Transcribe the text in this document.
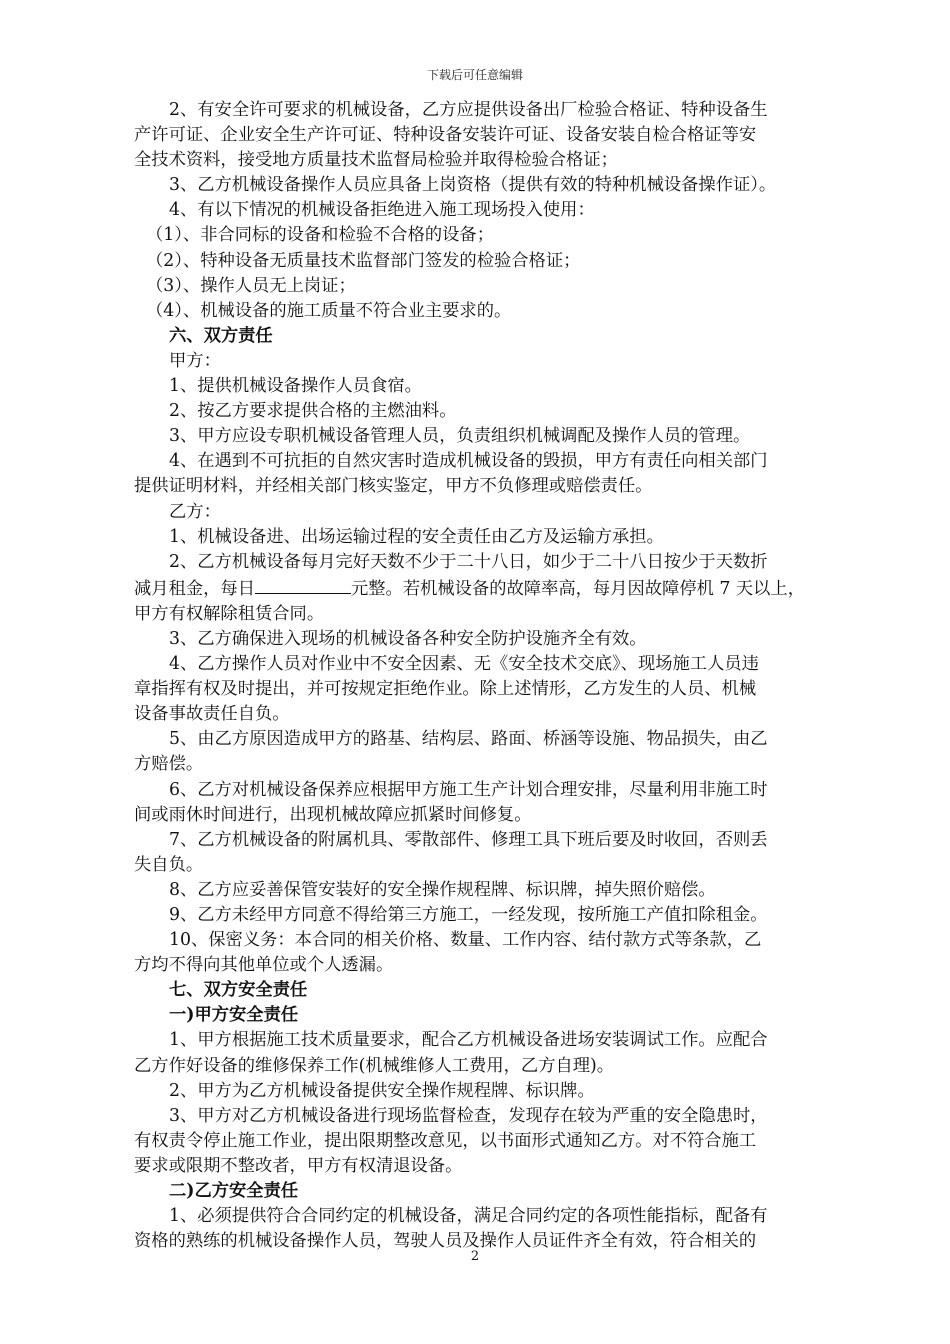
下载后可任意编辑

2、有安全许可要求的机械设备，乙方应提供设备出厂检验合格证、特种设备生

产许可证、企业安全生产许可证、特种设备安装许可证、设备安装自检合格证等安

全技术资料，接受地方质量技术监督局检验并取得检验合格证；

3、乙方机械设备操作人员应具备上岗资格（提供有效的特种机械设备操作证）。

4、有以下情况的机械设备拒绝进入施工现场投入使用：

（1）、非合同标的设备和检验不合格的设备；

（2）、特种设备无质量技术监督部门签发的检验合格证；

（3）、操作人员无上岗证；

（4）、机械设备的施工质量不符合业主要求的。

六、双方责任

甲方：

1、提供机械设备操作人员食宿。

2、按乙方要求提供合格的主燃油料。

3、甲方应设专职机械设备管理人员，负责组织机械调配及操作人员的管理。

4、在遇到不可抗拒的自然灾害时造成机械设备的毁损，甲方有责任向相关部门

提供证明材料，并经相关部门核实鉴定，甲方不负修理或赔偿责任。

乙方：

1、机械设备进、出场运输过程的安全责任由乙方及运输方承担。

2、乙方机械设备每月完好天数不少于二十八日，如少于二十八日按少于天数折

减月租金，每日	元整。若机械设备的故障率高，每月因故障停机 7 天以上，

甲方有权解除租赁合同。

3、乙方确保进入现场的机械设备各种安全防护设施齐全有效。

4、乙方操作人员对作业中不安全因素、无《安全技术交底》、现场施工人员违

章指挥有权及时提出，并可按规定拒绝作业。除上述情形，乙方发生的人员、机械

设备事故责任自负。

5、由乙方原因造成甲方的路基、结构层、路面、桥涵等设施、物品损失，由乙

方赔偿。

6、乙方对机械设备保养应根据甲方施工生产计划合理安排，尽量利用非施工时

间或雨休时间进行，出现机械故障应抓紧时间修复。

7、乙方机械设备的附属机具、零散部件、修理工具下班后要及时收回，否则丢

失自负。

8、乙方应妥善保管安装好的安全操作规程牌、标识牌，掉失照价赔偿。

9、乙方未经甲方同意不得给第三方施工，一经发现，按所施工产值扣除租金。

10、保密义务：本合同的相关价格、数量、工作内容、结付款方式等条款，乙

方均不得向其他单位或个人透漏。

七、双方安全责任

一)甲方安全责任

1、甲方根据施工技术质量要求，配合乙方机械设备进场安装调试工作。应配合

乙方作好设备的维修保养工作(机械维修人工费用，乙方自理)。

2、甲方为乙方机械设备提供安全操作规程牌、标识牌。

3、甲方对乙方机械设备进行现场监督检查，发现存在较为严重的安全隐患时，

有权责令停止施工作业，提出限期整改意见，以书面形式通知乙方。对不符合施工

要求或限期不整改者，甲方有权清退设备。

二)乙方安全责任

1、必须提供符合合同约定的机械设备，满足合同约定的各项性能指标，配备有

资格的熟练的机械设备操作人员，驾驶人员及操作人员证件齐全有效，符合相关的

2
